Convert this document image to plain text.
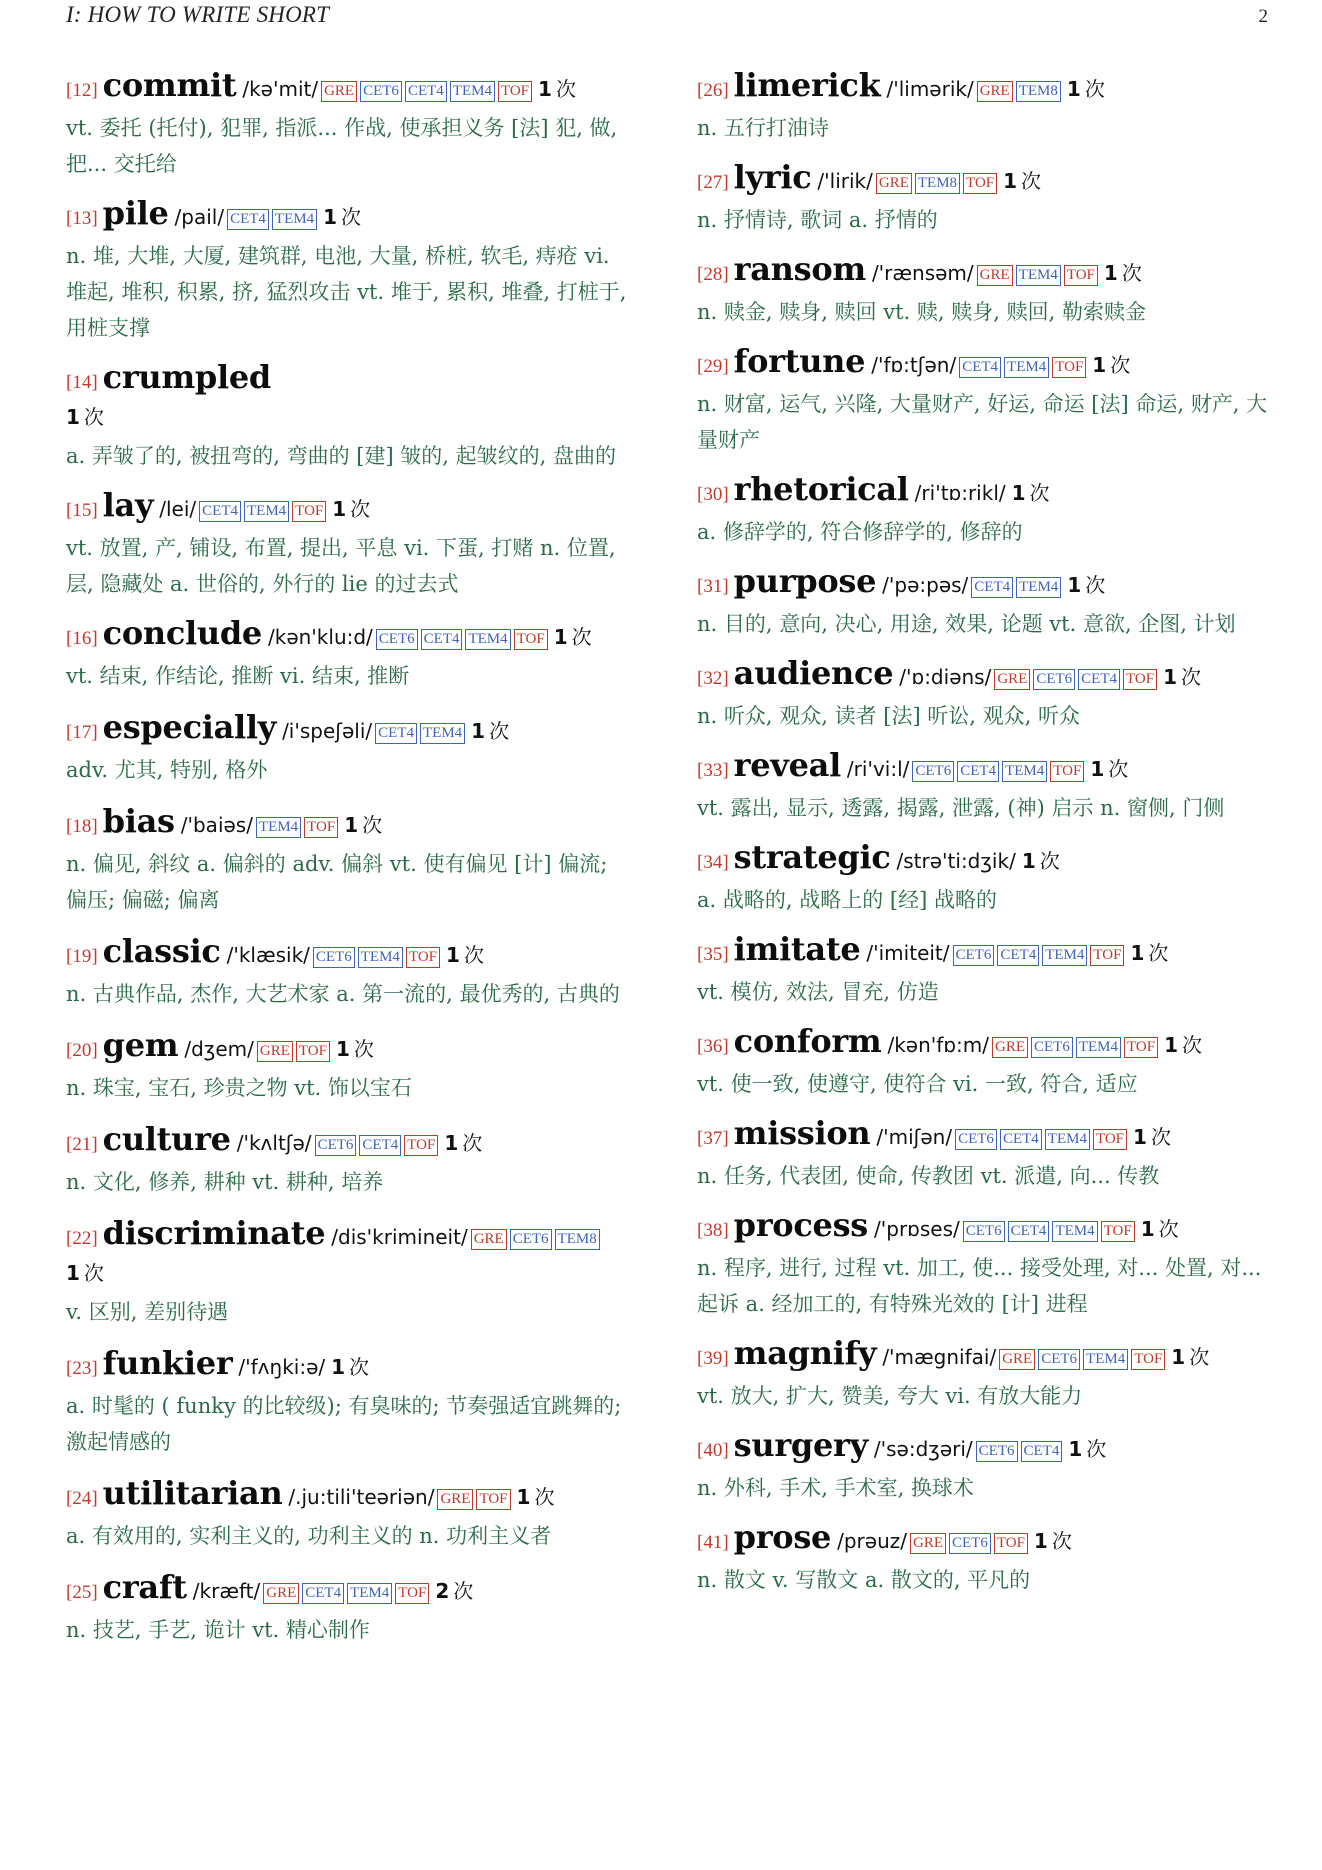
I: HOW TO WRITE SHORT	2
[12] commit /kə'mit/ GRE CET6 CET4 TEM4 TOF 1 次
vt. 委托 (托付), 犯罪, 指派... 作战, 使承担义务 [法] 犯, 做, 把... 交托给
[13] pile /pail/ CET4 TEM4 1 次
n. 堆, 大堆, 大厦, 建筑群, 电池, 大量, 桥桩, 软毛, 痔疮 vi. 堆起, 堆积, 积累, 挤, 猛烈攻击 vt. 堆于, 累积, 堆叠, 打桩于, 用桩支撑
[14] crumpled
1 次
a. 弄皱了的, 被扭弯的, 弯曲的 [建] 皱的, 起皱纹的, 盘曲的
[15] lay /lei/ CET4 TEM4 TOF 1 次
vt. 放置, 产, 铺设, 布置, 提出, 平息 vi. 下蛋, 打赌 n. 位置, 层, 隐藏处 a. 世俗的, 外行的 lie 的过去式
[16] conclude /kən'klu:d/ CET6 CET4 TEM4 TOF 1 次
vt. 结束, 作结论, 推断 vi. 结束, 推断
[17] especially /i'speʃəli/ CET4 TEM4 1 次
adv. 尤其, 特别, 格外
[18] bias /'baiəs/ TEM4 TOF 1 次
n. 偏见, 斜纹 a. 偏斜的 adv. 偏斜 vt. 使有偏见 [计] 偏流; 偏压; 偏磁; 偏离
[19] classic /'klæsik/ CET6 TEM4 TOF 1 次
n. 古典作品, 杰作, 大艺术家 a. 第一流的, 最优秀的, 古典的
[20] gem /dʒem/ GRE TOF 1 次
n. 珠宝, 宝石, 珍贵之物 vt. 饰以宝石
[21] culture /'kʌltʃə/ CET6 CET4 TOF 1 次
n. 文化, 修养, 耕种 vt. 耕种, 培养
[22] discriminate /dis'krimineit/ GRE CET6 TEM8
1 次
v. 区别, 差别待遇
[23] funkier /'fʌŋki:ə/ 1 次
a. 时髦的 ( funky 的比较级); 有臭味的; 节奏强适宜跳舞的; 激起情感的
[24] utilitarian /.ju:tili'teəriən/ GRE TOF 1 次
a. 有效用的, 实利主义的, 功利主义的 n. 功利主义者
[25] craft /kræft/ GRE CET4 TEM4 TOF 2 次
n. 技艺, 手艺, 诡计 vt. 精心制作
[26] limerick /'limərik/ GRE TEM8 1 次
n. 五行打油诗
[27] lyric /'lirik/ GRE TEM8 TOF 1 次
n. 抒情诗, 歌词 a. 抒情的
[28] ransom /'rænsəm/ GRE TEM4 TOF 1 次
n. 赎金, 赎身, 赎回 vt. 赎, 赎身, 赎回, 勒索赎金
[29] fortune /'fɒ:tʃən/ CET4 TEM4 TOF 1 次
n. 财富, 运气, 兴隆, 大量财产, 好运, 命运 [法] 命运, 财产, 大量财产
[30] rhetorical /ri'tɒ:rikl/ 1 次
a. 修辞学的, 符合修辞学的, 修辞的
[31] purpose /'pə:pəs/ CET4 TEM4 1 次
n. 目的, 意向, 决心, 用途, 效果, 论题 vt. 意欲, 企图, 计划
[32] audience /'ɒ:diəns/ GRE CET6 CET4 TOF 1 次
n. 听众, 观众, 读者 [法] 听讼, 观众, 听众
[33] reveal /ri'vi:l/ CET6 CET4 TEM4 TOF 1 次
vt. 露出, 显示, 透露, 揭露, 泄露, (神) 启示 n. 窗侧, 门侧
[34] strategic /strə'ti:dʒik/ 1 次
a. 战略的, 战略上的 [经] 战略的
[35] imitate /'imiteit/ CET6 CET4 TEM4 TOF 1 次
vt. 模仿, 效法, 冒充, 仿造
[36] conform /kən'fɒ:m/ GRE CET6 TEM4 TOF 1 次
vt. 使一致, 使遵守, 使符合 vi. 一致, 符合, 适应
[37] mission /'miʃən/ CET6 CET4 TEM4 TOF 1 次
n. 任务, 代表团, 使命, 传教团 vt. 派遣, 向... 传教
[38] process /'prɒses/ CET6 CET4 TEM4 TOF 1 次
n. 程序, 进行, 过程 vt. 加工, 使... 接受处理, 对... 处置, 对... 起诉 a. 经加工的, 有特殊光效的 [计] 进程
[39] magnify /'mægnifai/ GRE CET6 TEM4 TOF 1 次
vt. 放大, 扩大, 赞美, 夸大 vi. 有放大能力
[40] surgery /'sə:dʒəri/ CET6 CET4 1 次
n. 外科, 手术, 手术室, 换球术
[41] prose /prəuz/ GRE CET6 TOF 1 次
n. 散文 v. 写散文 a. 散文的, 平凡的
